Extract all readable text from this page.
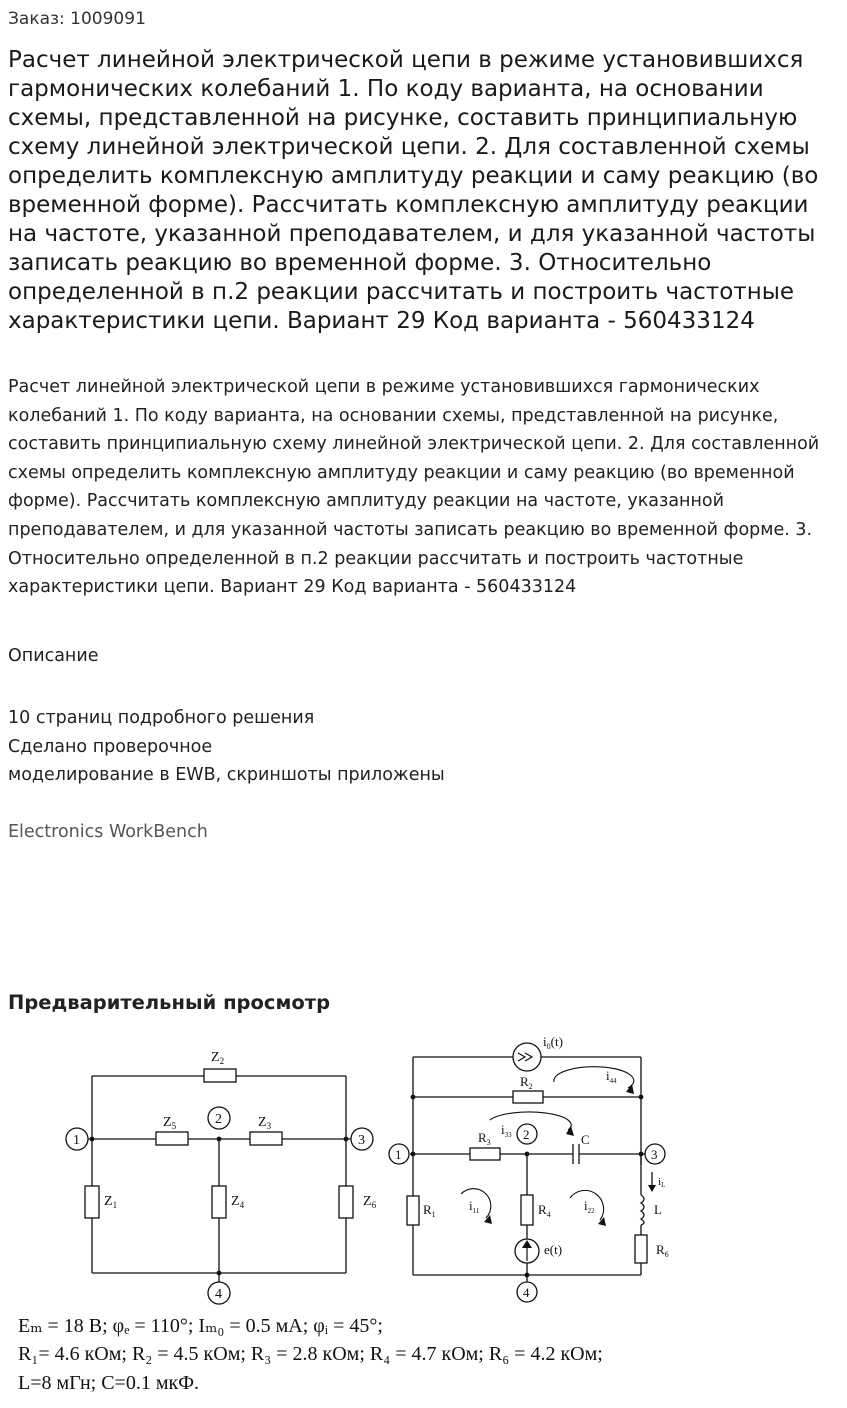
Заказ: 1009091
Расчет линейной электрической цепи в режиме установившихся гармонических колебаний 1. По коду варианта, на основании схемы, представленной на рисунке, составить принципиальную схему линейной электрической цепи. 2. Для составленной схемы определить комплексную амплитуду реакции и саму реакцию (во временной форме). Рассчитать комплексную амплитуду реакции на частоте, указанной преподавателем, и для указанной частоты записать реакцию во временной форме. 3. Относительно определенной в п.2 реакции рассчитать и построить частотные характеристики цепи. Вариант 29 Код варианта - 560433124

Расчет линейной электрической цепи в режиме установившихся гармонических колебаний 1. По коду варианта, на основании схемы, представленной на рисунке, составить принципиальную схему линейной электрической цепи. 2. Для составленной схемы определить комплексную амплитуду реакции и саму реакцию (во временной форме). Рассчитать комплексную амплитуду реакции на частоте, указанной преподавателем, и для указанной частоты записать реакцию во временной форме. 3. Относительно определенной в п.2 реакции рассчитать и построить частотные характеристики цепи. Вариант 29 Код варианта - 560433124

Описание
10 страниц подробного решения
Сделано проверочное
моделирование в EWB, скриншоты приложены
Electronics WorkBench
Предварительный просмотр
$Z_2$
$Z_5$	$Z_3$
$Z_1$	$Z_4$	$Z_6$
1
2
3
4
$i_0(t)$
$R_2$
$R_3$
$R_1$	$R_4$
$R_6$
C
L
e(t)
iL
$i_{11}$	$i_{22}$
$i_{33}$
$i_{44}$
1
2
3
4
Eₘ = 18 В; φₑ = 110°; Iₘ₀ = 0.5 мА; φᵢ = 45°;
R₁= 4.6 кОм; R₂ = 4.5 кОм; R₃ = 2.8 кОм; R₄ = 4.7 кОм; R₆ = 4.2 кОм;
L=8 мГн; C=0.1 мкФ.
